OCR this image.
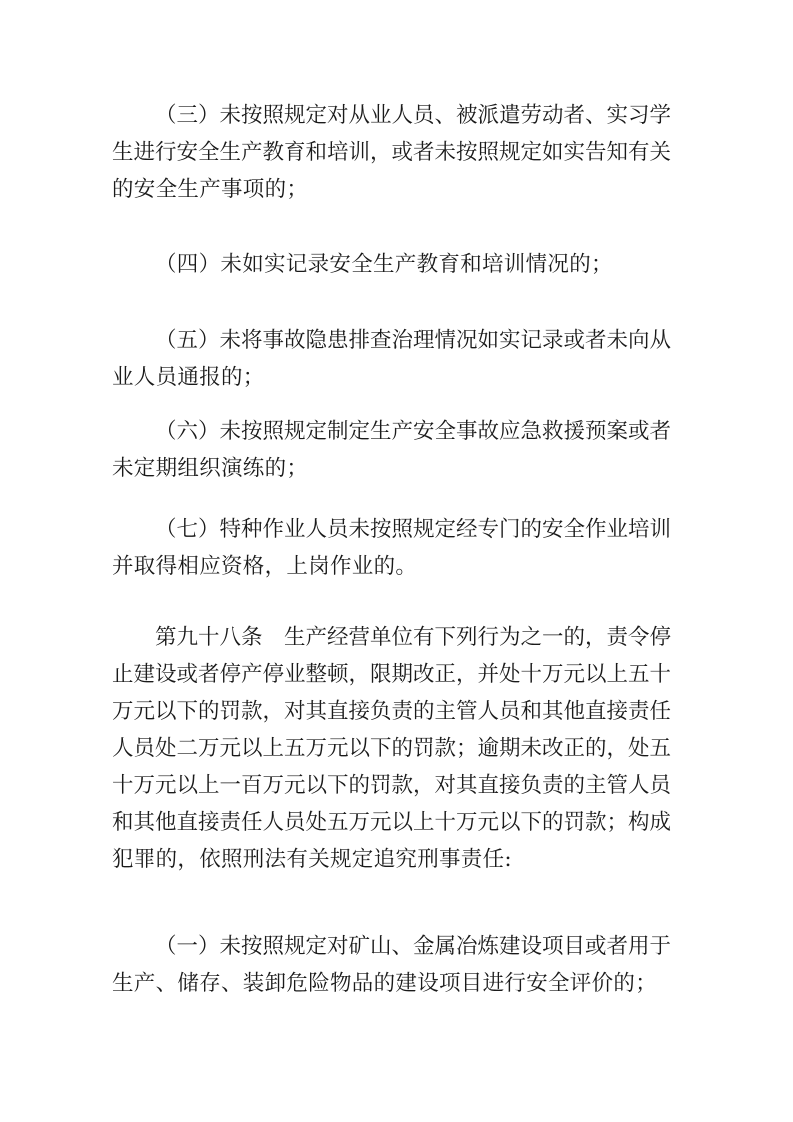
（三）未按照规定对从业人员、被派遣劳动者、实习学
生进行安全生产教育和培训，或者未按照规定如实告知有关
的安全生产事项的；

（四）未如实记录安全生产教育和培训情况的；

（五）未将事故隐患排查治理情况如实记录或者未向从
业人员通报的；

（六）未按照规定制定生产安全事故应急救援预案或者
未定期组织演练的；

（七）特种作业人员未按照规定经专门的安全作业培训
并取得相应资格，上岗作业的。

第九十八条　生产经营单位有下列行为之一的，责令停
止建设或者停产停业整顿，限期改正，并处十万元以上五十
万元以下的罚款，对其直接负责的主管人员和其他直接责任
人员处二万元以上五万元以下的罚款；逾期未改正的，处五
十万元以上一百万元以下的罚款，对其直接负责的主管人员
和其他直接责任人员处五万元以上十万元以下的罚款；构成
犯罪的，依照刑法有关规定追究刑事责任:

（一）未按照规定对矿山、金属冶炼建设项目或者用于
生产、储存、装卸危险物品的建设项目进行安全评价的；
